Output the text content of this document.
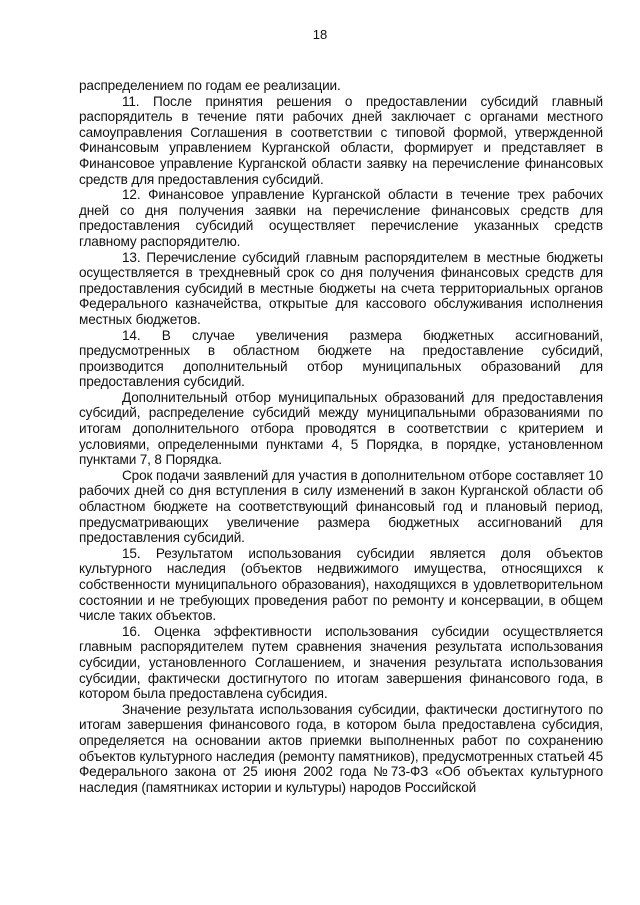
18

распределением по годам ее реализации.

11. После принятия решения о предоставлении субсидий главный распорядитель в течение пяти рабочих дней заключает с органами местного самоуправления Соглашения в соответствии с типовой формой, утвержденной Финансовым управлением Курганской области, формирует и представляет в Финансовое управление Курганской области заявку на перечисление финансовых средств для предоставления субсидий.

12. Финансовое управление Курганской области в течение трех рабочих дней со дня получения заявки на перечисление финансовых средств для предоставления субсидий осуществляет перечисление указанных средств главному распорядителю.

13. Перечисление субсидий главным распорядителем в местные бюджеты осуществляется в трехдневный срок со дня получения финансовых средств для предоставления субсидий в местные бюджеты на счета территориальных органов Федерального казначейства, открытые для кассового обслуживания исполнения местных бюджетов.

14. В случае увеличения размера бюджетных ассигнований, предусмотренных в областном бюджете на предоставление субсидий, производится дополнительный отбор муниципальных образований для предоставления субсидий.

Дополнительный отбор муниципальных образований для предоставления субсидий, распределение субсидий между муниципальными образованиями по итогам дополнительного отбора проводятся в соответствии с критерием и условиями, определенными пунктами 4, 5 Порядка, в порядке, установленном пунктами 7, 8 Порядка.

Срок подачи заявлений для участия в дополнительном отборе составляет 10 рабочих дней со дня вступления в силу изменений в закон Курганской области об областном бюджете на соответствующий финансовый год и плановый период, предусматривающих увеличение размера бюджетных ассигнований для предоставления субсидий.

15. Результатом использования субсидии является доля объектов культурного наследия (объектов недвижимого имущества, относящихся к собственности муниципального образования), находящихся в удовлетворительном состоянии и не требующих проведения работ по ремонту и консервации, в общем числе таких объектов.

16. Оценка эффективности использования субсидии осуществляется главным распорядителем путем сравнения значения результата использования субсидии, установленного Соглашением, и значения результата использования субсидии, фактически достигнутого по итогам завершения финансового года, в котором была предоставлена субсидия.

Значение результата использования субсидии, фактически достигнутого по итогам завершения финансового года, в котором была предоставлена субсидия, определяется на основании актов приемки выполненных работ по сохранению объектов культурного наследия (ремонту памятников), предусмотренных статьей 45 Федерального закона от 25 июня 2002 года №73-ФЗ «Об объектах культурного наследия (памятниках истории и культуры) народов Российской
